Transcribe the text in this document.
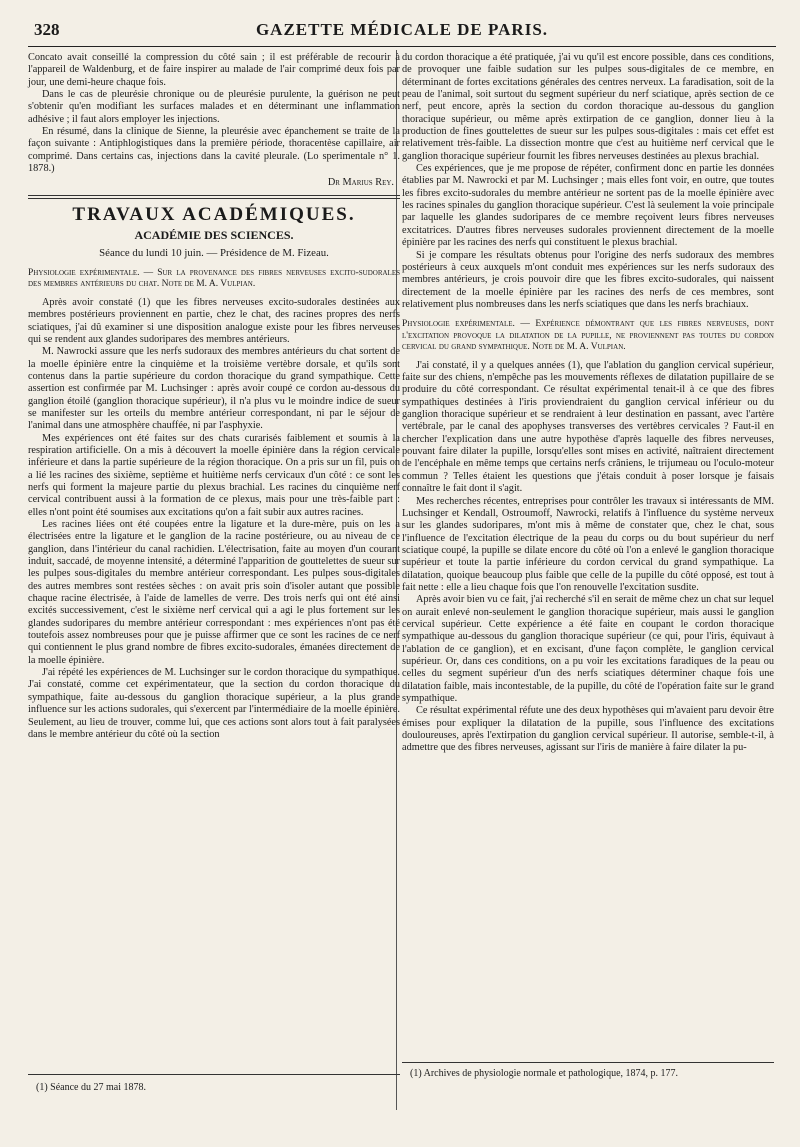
328	GAZETTE MÉDICALE DE PARIS.

Concato avait conseillé la compression du côté sain ; il est préférable de recourir à l'appareil de Waldenburg, et de faire inspirer au malade de l'air comprimé deux fois par jour, une demi-heure chaque fois.

Dans le cas de pleurésie chronique ou de pleurésie purulente, la guérison ne peut s'obtenir qu'en modifiant les surfaces malades et en déterminant une inflammation adhésive ; il faut alors employer les injections.

En résumé, dans la clinique de Sienne, la pleurésie avec épanchement se traite de la façon suivante : Antiphlogistiques dans la première période, thoracentèse capillaire, air comprimé. Dans certains cas, injections dans la cavité pleurale. (Lo sperimentale n° 1. 1878.)

Dr Marius Rey.

TRAVAUX ACADÉMIQUES.
ACADÉMIE DES SCIENCES.
Séance du lundi 10 juin. — Présidence de M. Fizeau.

Physiologie expérimentale. — Sur la provenance des fibres nerveuses excito-sudorales des membres antérieurs du chat. Note de M. A. Vulpian.

Après avoir constaté (1) que les fibres nerveuses excito-sudorales destinées aux membres postérieurs proviennent en partie, chez le chat, des racines propres des nerfs sciatiques, j'ai dû examiner si une disposition analogue existe pour les fibres nerveuses qui se rendent aux glandes sudoripares des membres antérieurs.

M. Nawrocki assure que les nerfs sudoraux des membres antérieurs du chat sortent de la moelle épinière entre la cinquième et la troisième vertèbre dorsale, et qu'ils sont contenus dans la partie supérieure du cordon thoracique du grand sympathique. Cette assertion est confirmée par M. Luchsinger : après avoir coupé ce cordon au-dessous du ganglion étoilé (ganglion thoracique supérieur), il n'a plus vu le moindre indice de sueur se manifester sur les orteils du membre antérieur correspondant, ni par le séjour de l'animal dans une atmosphère chauffée, ni par l'asphyxie.

Mes expériences ont été faites sur des chats curarisés faiblement et soumis à la respiration artificielle. On a mis à découvert la moelle épinière dans la région cervicale inférieure et dans la partie supérieure de la région thoracique. On a pris sur un fil, puis on a lié les racines des sixième, septième et huitième nerfs cervicaux d'un côté : ce sont les nerfs qui forment la majeure partie du plexus brachial. Les racines du cinquième nerf cervical contribuent aussi à la formation de ce plexus, mais pour une très-faible part : elles n'ont point été soumises aux excitations qu'on a fait subir aux autres racines.

Les racines liées ont été coupées entre la ligature et la dure-mère, puis on les a électrisées entre la ligature et le ganglion de la racine postérieure, ou au niveau de ce ganglion, dans l'intérieur du canal rachidien. L'électrisation, faite au moyen d'un courant induit, saccadé, de moyenne intensité, a déterminé l'apparition de gouttelettes de sueur sur les pulpes sous-digitales du membre antérieur correspondant. Les pulpes sous-digitales des autres membres sont restées sèches : on avait pris soin d'isoler autant que possible chaque racine électrisée, à l'aide de lamelles de verre. Des trois nerfs qui ont été ainsi excités successivement, c'est le sixième nerf cervical qui a agi le plus fortement sur les glandes sudoripares du membre antérieur correspondant : mes expériences n'ont pas été toutefois assez nombreuses pour que je puisse affirmer que ce sont les racines de ce nerf qui contiennent le plus grand nombre de fibres excito-sudorales, émanées directement de la moelle épinière.

J'ai répété les expériences de M. Luchsinger sur le cordon thoracique du sympathique. J'ai constaté, comme cet expérimentateur, que la section du cordon thoracique du sympathique, faite au-dessous du ganglion thoracique supérieur, a la plus grande influence sur les actions sudorales, qui s'exercent par l'intermédiaire de la moelle épinière. Seulement, au lieu de trouver, comme lui, que ces actions sont alors tout à fait paralysées dans le membre antérieur du côté où la section

(1) Séance du 27 mai 1878.

du cordon thoracique a été pratiquée, j'ai vu qu'il est encore possible, dans ces conditions, de provoquer une faible sudation sur les pulpes sous-digitales de ce membre, en déterminant de fortes excitations générales des centres nerveux. La faradisation, soit de la peau de l'animal, soit surtout du segment supérieur du nerf sciatique, après section de ce nerf, peut encore, après la section du cordon thoracique au-dessous du ganglion thoracique supérieur, ou même après extirpation de ce ganglion, donner lieu à la production de fines gouttelettes de sueur sur les pulpes sous-digitales : mais cet effet est relativement très-faible. La dissection montre que c'est au huitième nerf cervical que le ganglion thoracique supérieur fournit les fibres nerveuses destinées au plexus brachial.

Ces expériences, que je me propose de répéter, confirment donc en partie les données établies par M. Nawrocki et par M. Luchsinger ; mais elles font voir, en outre, que toutes les fibres excito-sudorales du membre antérieur ne sortent pas de la moelle épinière avec les racines spinales du ganglion thoracique supérieur. C'est là seulement la voie principale par laquelle les glandes sudoripares de ce membre reçoivent leurs fibres nerveuses excitatrices. D'autres fibres nerveuses sudorales proviennent directement de la moelle épinière par les racines des nerfs qui constituent le plexus brachial.

Si je compare les résultats obtenus pour l'origine des nerfs sudoraux des membres postérieurs à ceux auxquels m'ont conduit mes expériences sur les nerfs sudoraux des membres antérieurs, je crois pouvoir dire que les fibres excito-sudorales, qui naissent directement de la moelle épinière par les racines des nerfs de ces membres, sont relativement plus nombreuses dans les nerfs sciatiques que dans les nerfs brachiaux.

Physiologie expérimentale. — Expérience démontrant que les fibres nerveuses, dont l'excitation provoque la dilatation de la pupille, ne proviennent pas toutes du cordon cervical du grand sympathique. Note de M. A. Vulpian.

J'ai constaté, il y a quelques années (1), que l'ablation du ganglion cervical supérieur, faite sur des chiens, n'empêche pas les mouvements réflexes de dilatation pupillaire de se produire du côté correspondant. Ce résultat expérimental tenait-il à ce que des fibres sympathiques destinées à l'iris proviendraient du ganglion cervical inférieur ou du ganglion thoracique supérieur et se rendraient à leur destination en passant, avec l'artère vertébrale, par le canal des apophyses transverses des vertèbres cervicales ? Faut-il en chercher l'explication dans une autre hypothèse d'après laquelle des fibres nerveuses, pouvant faire dilater la pupille, lorsqu'elles sont mises en activité, naîtraient directement de l'encéphale en même temps que certains nerfs crâniens, le trijumeau ou l'oculo-moteur commun ? Telles étaient les questions que j'étais conduit à poser lorsque je faisais connaître le fait dont il s'agit.

Mes recherches récentes, entreprises pour contrôler les travaux si intéressants de MM. Luchsinger et Kendall, Ostroumoff, Nawrocki, relatifs à l'influence du système nerveux sur les glandes sudoripares, m'ont mis à même de constater que, chez le chat, sous l'influence de l'excitation électrique de la peau du corps ou du bout supérieur du nerf sciatique coupé, la pupille se dilate encore du côté où l'on a enlevé le ganglion thoracique supérieur et toute la partie inférieure du cordon cervical du grand sympathique. La dilatation, quoique beaucoup plus faible que celle de la pupille du côté opposé, est tout à fait nette : elle a lieu chaque fois que l'on renouvelle l'excitation susdite.

Après avoir bien vu ce fait, j'ai recherché s'il en serait de même chez un chat sur lequel on aurait enlevé non-seulement le ganglion thoracique supérieur, mais aussi le ganglion cervical supérieur. Cette expérience a été faite en coupant le cordon thoracique sympathique au-dessous du ganglion thoracique supérieur (ce qui, pour l'iris, équivaut à l'ablation de ce ganglion), et en excisant, d'une façon complète, le ganglion cervical supérieur. Or, dans ces conditions, on a pu voir les excitations faradiques de la peau ou celles du segment supérieur d'un des nerfs sciatiques déterminer chaque fois une dilatation faible, mais incontestable, de la pupille, du côté de l'opération faite sur le grand sympathique.

Ce résultat expérimental réfute une des deux hypothèses qui m'avaient paru devoir être émises pour expliquer la dilatation de la pupille, sous l'influence des excitations douloureuses, après l'extirpation du ganglion cervical supérieur. Il autorise, semble-t-il, à admettre que des fibres nerveuses, agissant sur l'iris de manière à faire dilater la pu-

(1) Archives de physiologie normale et pathologique, 1874, p. 177.
